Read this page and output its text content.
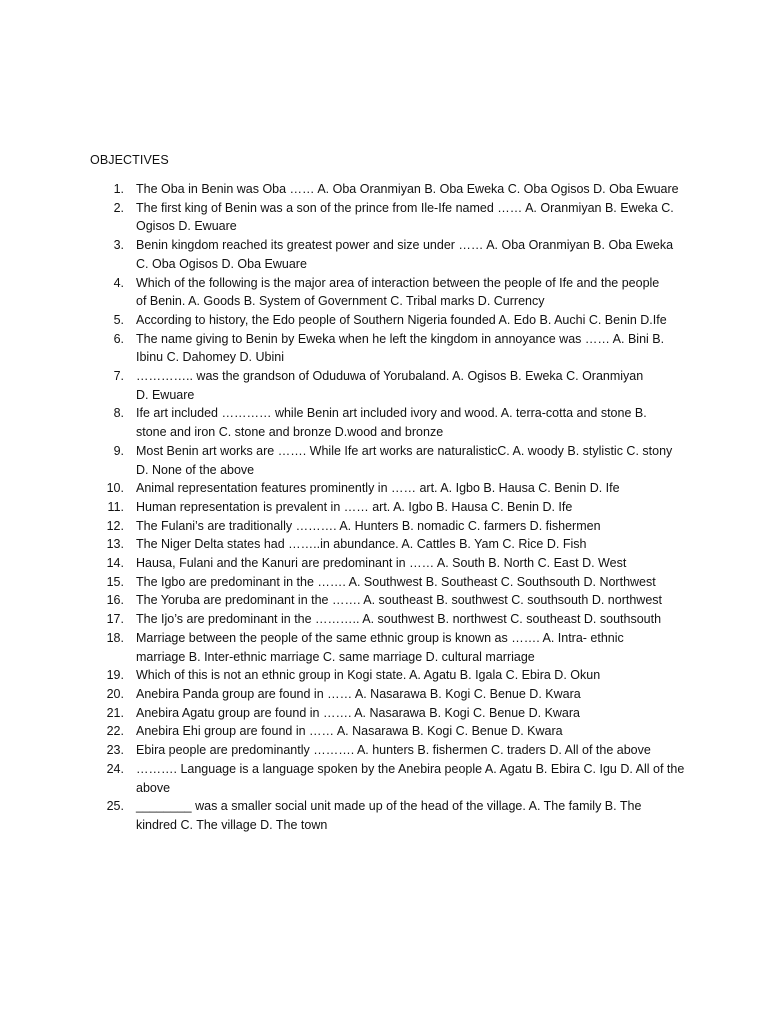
OBJECTIVES
1. The Oba in Benin was Oba …… A. Oba Oranmiyan B. Oba Eweka C. Oba Ogisos D. Oba Ewuare
2. The first king of Benin was a son of the prince from Ile-Ife named …… A. Oranmiyan B. Eweka C.
Ogisos D. Ewuare
3. Benin kingdom reached its greatest power and size under …… A. Oba Oranmiyan B. Oba Eweka
C. Oba Ogisos D. Oba Ewuare
4. Which of the following is the major area of interaction between the people of Ife and the people
of Benin. A. Goods B. System of Government C. Tribal marks D. Currency
5. According to history, the Edo people of Southern Nigeria founded A. Edo B. Auchi C. Benin D.Ife
6. The name giving to Benin by Eweka when he left the kingdom in annoyance was …… A. Bini B.
Ibinu C. Dahomey D. Ubini
7. ………….. was the grandson of Oduduwa of Yorubaland. A. Ogisos B. Eweka C. Oranmiyan
D. Ewuare
8. Ife art included ………… while Benin art included ivory and wood. A. terra-cotta and stone B.
stone and iron C. stone and bronze D.wood and bronze
9. Most Benin art works are ……. While Ife art works are naturalisticC. A. woody B. stylistic C. stony
D. None of the above
10. Animal representation features prominently in …… art. A. Igbo B. Hausa C. Benin D. Ife
11. Human representation is prevalent in …… art. A. Igbo B. Hausa C. Benin D. Ife
12. The Fulani’s are traditionally ………. A. Hunters B. nomadic C. farmers D. fishermen
13. The Niger Delta states had ……..in abundance. A. Cattles B. Yam C. Rice D. Fish
14. Hausa, Fulani and the Kanuri are predominant in …… A. South B. North C. East D. West
15. The Igbo are predominant in the ……. A. Southwest B. Southeast C. Southsouth D. Northwest
16. The Yoruba are predominant in the ……. A. southeast B. southwest C. southsouth D. northwest
17. The Ijo’s are predominant in the ……….. A. southwest B. northwest C. southeast D. southsouth
18. Marriage between the people of the same ethnic group is known as ……. A. Intra- ethnic
marriage B. Inter-ethnic marriage C. same marriage D. cultural marriage
19. Which of this is not an ethnic group in Kogi state. A. Agatu B. Igala C. Ebira D. Okun
20. Anebira Panda group are found in …… A. Nasarawa B. Kogi C. Benue D. Kwara
21. Anebira Agatu group are found in ……. A. Nasarawa B. Kogi C. Benue D. Kwara
22. Anebira Ehi group are found in …… A. Nasarawa B. Kogi C. Benue D. Kwara
23. Ebira people are predominantly ………. A. hunters B. fishermen C. traders D. All of the above
24. ………. Language is a language spoken by the Anebira people A. Agatu B. Ebira C. Igu D. All of the
above
25. ________ was a smaller social unit made up of the head of the village. A. The family B. The
kindred C. The village D. The town
